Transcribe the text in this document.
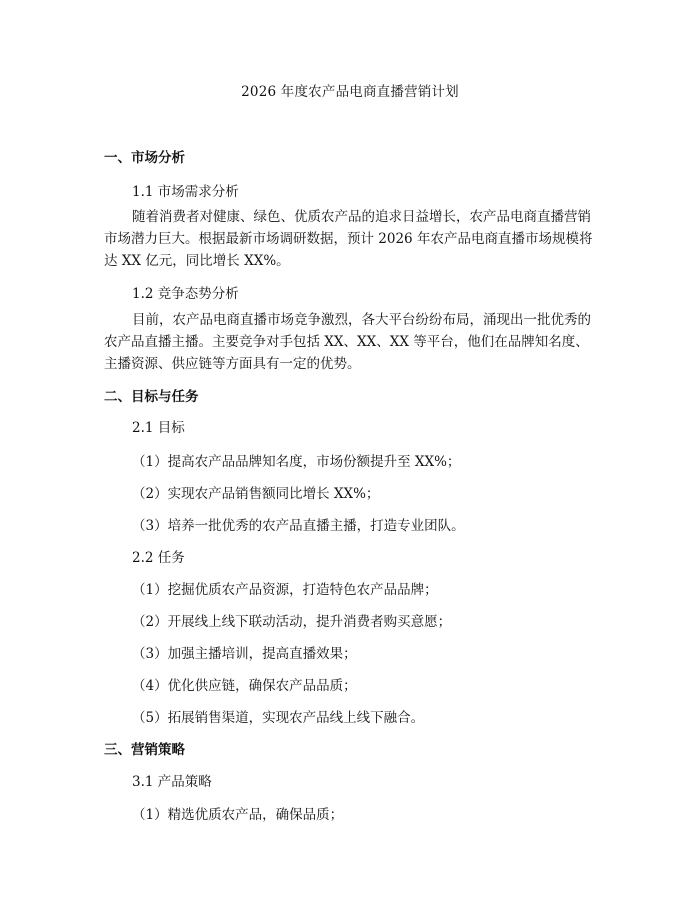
2026 年度农产品电商直播营销计划
一、市场分析
1.1 市场需求分析
随着消费者对健康、绿色、优质农产品的追求日益增长，农产品电商直播营销市场潜力巨大。根据最新市场调研数据，预计 2026 年农产品电商直播市场规模将达 XX 亿元，同比增长 XX%。
1.2 竞争态势分析
目前，农产品电商直播市场竞争激烈，各大平台纷纷布局，涌现出一批优秀的农产品直播主播。主要竞争对手包括 XX、XX、XX 等平台，他们在品牌知名度、主播资源、供应链等方面具有一定的优势。
二、目标与任务
2.1 目标
（1）提高农产品品牌知名度，市场份额提升至 XX%；
（2）实现农产品销售额同比增长 XX%；
（3）培养一批优秀的农产品直播主播，打造专业团队。
2.2 任务
（1）挖掘优质农产品资源，打造特色农产品品牌；
（2）开展线上线下联动活动，提升消费者购买意愿；
（3）加强主播培训，提高直播效果；
（4）优化供应链，确保农产品品质；
（5）拓展销售渠道，实现农产品线上线下融合。
三、营销策略
3.1 产品策略
（1）精选优质农产品，确保品质；
